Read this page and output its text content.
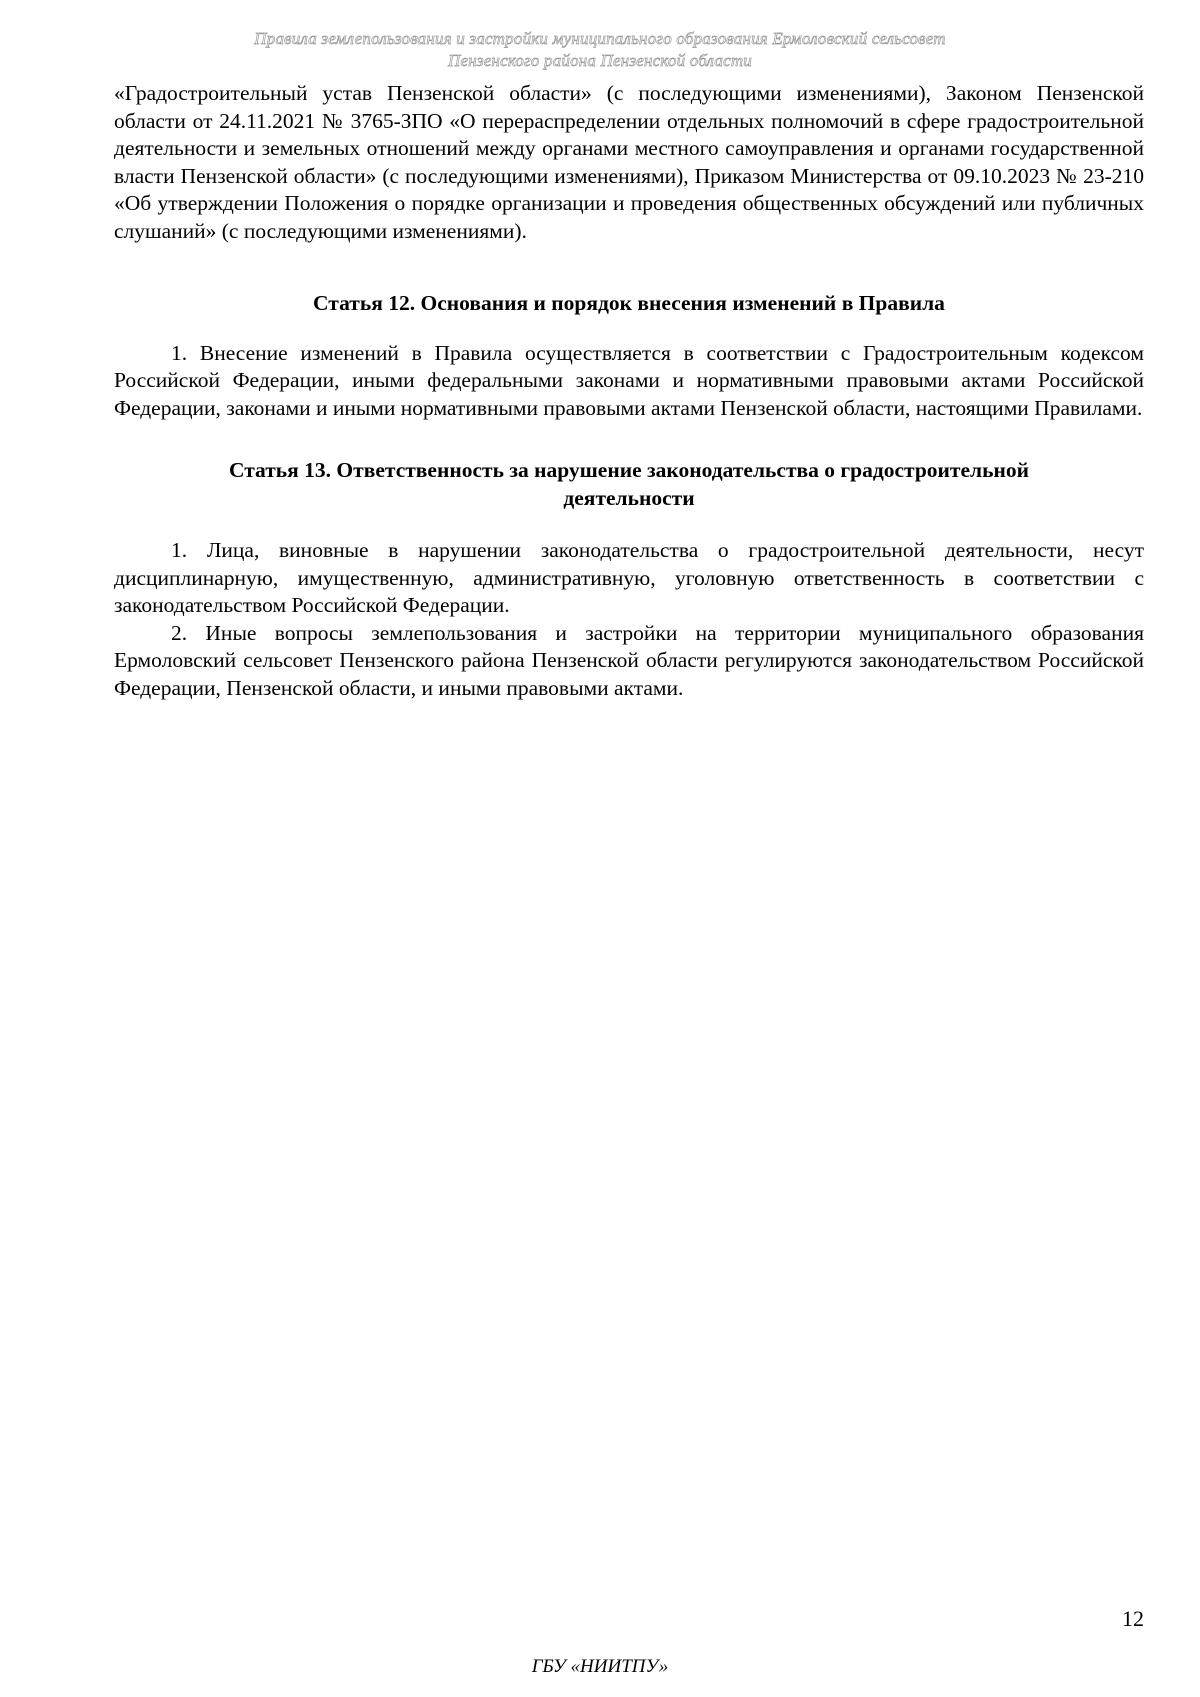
Правила землепользования и застройки муниципального образования Ермоловский сельсовет
Пензенского района Пензенской области

«Градостроительный устав Пензенской области» (с последующими изменениями), Законом Пензенской области от 24.11.2021 № 3765-ЗПО «О перераспределении отдельных полномочий в сфере градостроительной деятельности и земельных отношений между органами местного самоуправления и органами государственной власти Пензенской области» (с последующими изменениями), Приказом Министерства от 09.10.2023 № 23-210 «Об утверждении Положения о порядке организации и проведения общественных обсуждений или публичных слушаний» (с последующими изменениями).

Статья 12. Основания и порядок внесения изменений в Правила

1. Внесение изменений в Правила осуществляется в соответствии с Градостроительным кодексом Российской Федерации, иными федеральными законами и нормативными правовыми актами Российской Федерации, законами и иными нормативными правовыми актами Пензенской области, настоящими Правилами.

Статья 13. Ответственность за нарушение законодательства о градостроительной
деятельности

1. Лица, виновные в нарушении законодательства о градостроительной деятельности, несут дисциплинарную, имущественную, административную, уголовную ответственность в соответствии с законодательством Российской Федерации.

2. Иные вопросы землепользования и застройки на территории муниципального образования Ермоловский сельсовет Пензенского района Пензенской области регулируются законодательством Российской Федерации, Пензенской области, и иными правовыми актами.

12
ГБУ «НИИТПУ»
